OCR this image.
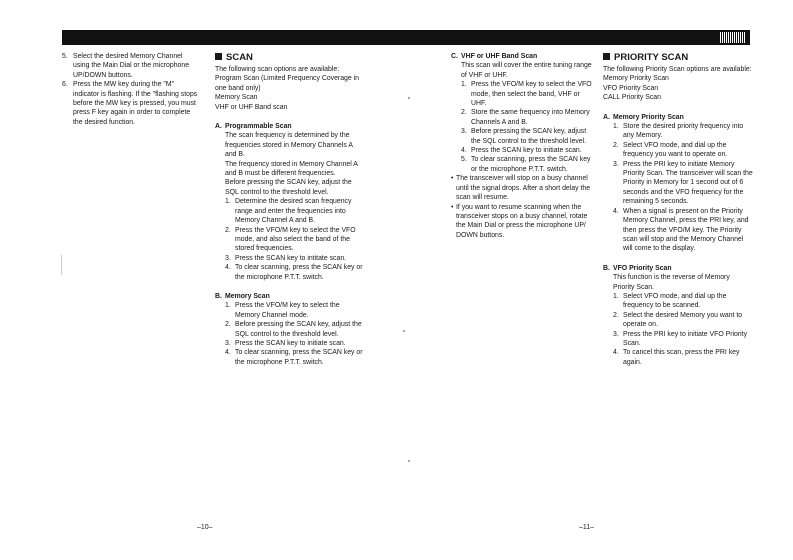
5. Select the desired Memory Channel using the Main Dial or the microphone UP/DOWN buttons.
6. Press the MW key during the "M" indicator is flashing. If the "flashing stops before the MW key is pressed, you must press F key again in order to complete the desired function.
SCAN

The following scan options are available:

Program Scan (Limited Frequency Coverage in one band only)

Memory Scan

VHF or UHF Band scan

A. Programmable Scan

The scan frequency is determined by the frequencies stored in Memory Channels A and B.

The frequency stored in Memory Channel A and B must be different frequencies.

Before pressing the SCAN key, adjust the SQL control to the threshold level.

1. Determine the desired scan frequency range and enter the frequencies into Memory Channel A and B.
2. Press the VFO/M key to select the VFO mode, and also select the band of the stored frequencies.
3. Press the SCAN key to intitate scan.
4. To clear scanning, press the SCAN key or the microphone P.T.T. switch.
B. Memory Scan
1. Press the VFO/M key to select the Memory Channel mode.
2. Before pressing the SCAN key, adjust the SQL control to the threshold level.
3. Press the SCAN key to initiate scan.
4. To clear scanning, press the SCAN key or the microphone P.T.T. switch.
C. VHF or UHF Band Scan

This scan will cover the entire tuning range of VHF or UHF.

1. Press the VFO/M key to select the VFO mode, then select the band, VHF or UHF.
2. Store the same frequency into Memory Channels A and B.
3. Before pressing the SCAN key, adjust the SQL control to the threshold level.
4. Press the SCAN key to initiate scan.
5. To clear scanning, press the SCAN key or the microphone P.T.T. switch.
• The transceiver will stop on a busy channel until the signal drops. After a short delay the scan will resume.
• If you want to resume scanning when the transceiver stops on a busy channel, rotate the Main Dial or press the microphone UP/ DOWN buttons.
PRIORITY SCAN

The following Priority Scan options are available:

Memory Priority Scan

VFO Priority Scan

CALL Priority Scan

A. Memory Priority Scan
1. Store the desired priority frequency into any Memory.
2. Select VFO mode, and dial up the frequency you want to operate on.
3. Press the PRI key to initiate Memory Priority Scan. The transceiver will scan the Priority in Memory for 1 second out of 6 seconds and the VFO frequency for the remaining 5 seconds.
4. When a signal is present on the Priority Memory Channel, press the PRI key, and then press the VFO/M key. The Priority scan will stop and the Memory Channel will come to the display.
B. VFO Priority Scan

This function is the reverse of Memory Priority Scan.

1. Select VFO mode, and dial up the frequency to be scanned.
2. Select the desired Memory you want to operate on.
3. Press the PRI key to initiate VFO Priority Scan.
4. To cancel this scan, press the PRI key again.
–10–	–11–
